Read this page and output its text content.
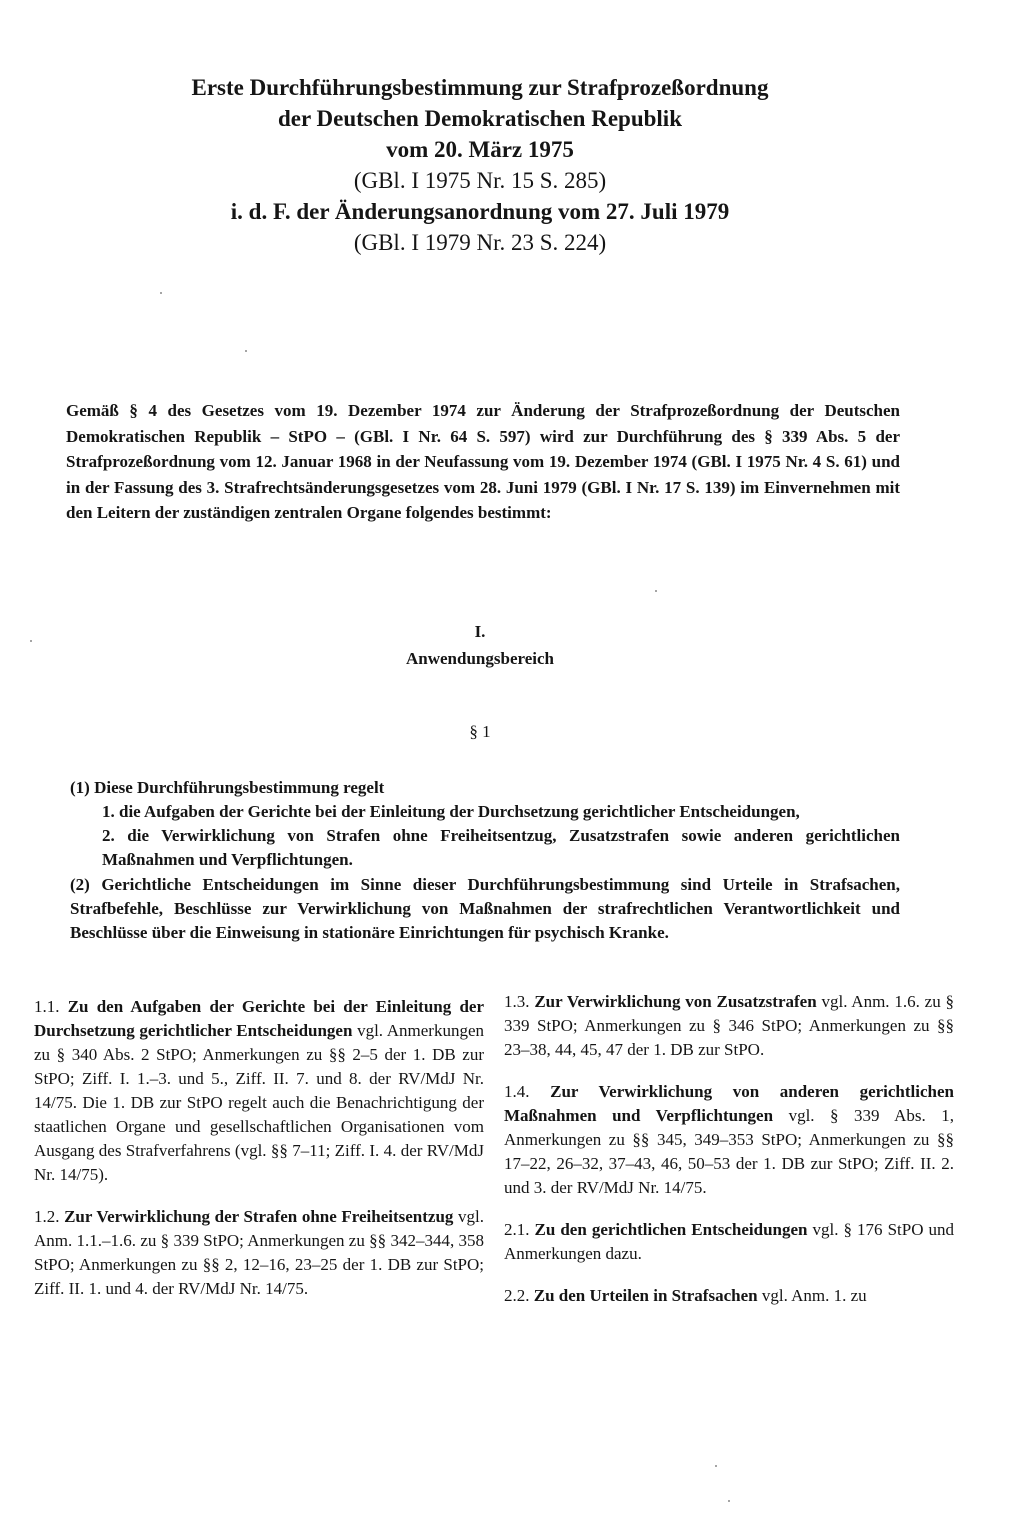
Erste Durchführungsbestimmung zur Strafprozeßordnung
der Deutschen Demokratischen Republik
vom 20. März 1975
(GBl. I 1975 Nr. 15 S. 285)
i. d. F. der Änderungsanordnung vom 27. Juli 1979
(GBl. I 1979 Nr. 23 S. 224)
Gemäß § 4 des Gesetzes vom 19. Dezember 1974 zur Änderung der Strafprozeßordnung der Deutschen Demokratischen Republik – StPO – (GBl. I Nr. 64 S. 597) wird zur Durchführung des § 339 Abs. 5 der Strafprozeßordnung vom 12. Januar 1968 in der Neufassung vom 19. Dezember 1974 (GBl. I 1975 Nr. 4 S. 61) und in der Fassung des 3. Strafrechtsänderungsgesetzes vom 28. Juni 1979 (GBl. I Nr. 17 S. 139) im Einvernehmen mit den Leitern der zuständigen zentralen Organe folgendes bestimmt:
I.
Anwendungsbereich
§ 1
(1) Diese Durchführungsbestimmung regelt
1. die Aufgaben der Gerichte bei der Einleitung der Durchsetzung gerichtlicher Entscheidungen,
2. die Verwirklichung von Strafen ohne Freiheitsentzug, Zusatzstrafen sowie anderen gerichtlichen Maßnahmen und Verpflichtungen.
(2) Gerichtliche Entscheidungen im Sinne dieser Durchführungsbestimmung sind Urteile in Strafsachen, Strafbefehle, Beschlüsse zur Verwirklichung von Maßnahmen der strafrechtlichen Verantwortlichkeit und Beschlüsse über die Einweisung in stationäre Einrichtungen für psychisch Kranke.

1.1. Zu den Aufgaben der Gerichte bei der Einleitung der Durchsetzung gerichtlicher Entscheidungen vgl. Anmerkungen zu § 340 Abs. 2 StPO; Anmerkungen zu §§ 2–5 der 1. DB zur StPO; Ziff. I. 1.–3. und 5., Ziff. II. 7. und 8. der RV/MdJ Nr. 14/75. Die 1. DB zur StPO regelt auch die Benachrichtigung der staatlichen Organe und gesellschaftlichen Organisationen vom Ausgang des Strafverfahrens (vgl. §§ 7–11; Ziff. I. 4. der RV/MdJ Nr. 14/75).

1.2. Zur Verwirklichung der Strafen ohne Freiheitsentzug vgl. Anm. 1.1.–1.6. zu § 339 StPO; Anmerkungen zu §§ 342–344, 358 StPO; Anmerkungen zu §§ 2, 12–16, 23–25 der 1. DB zur StPO; Ziff. II. 1. und 4. der RV/MdJ Nr. 14/75.

1.3. Zur Verwirklichung von Zusatzstrafen vgl. Anm. 1.6. zu § 339 StPO; Anmerkungen zu § 346 StPO; Anmerkungen zu §§ 23–38, 44, 45, 47 der 1. DB zur StPO.

1.4. Zur Verwirklichung von anderen gerichtlichen Maßnahmen und Verpflichtungen vgl. § 339 Abs. 1, Anmerkungen zu §§ 345, 349–353 StPO; Anmerkungen zu §§ 17–22, 26–32, 37–43, 46, 50–53 der 1. DB zur StPO; Ziff. II. 2. und 3. der RV/MdJ Nr. 14/75.

2.1. Zu den gerichtlichen Entscheidungen vgl. § 176 StPO und Anmerkungen dazu.

2.2. Zu den Urteilen in Strafsachen vgl. Anm. 1. zu
